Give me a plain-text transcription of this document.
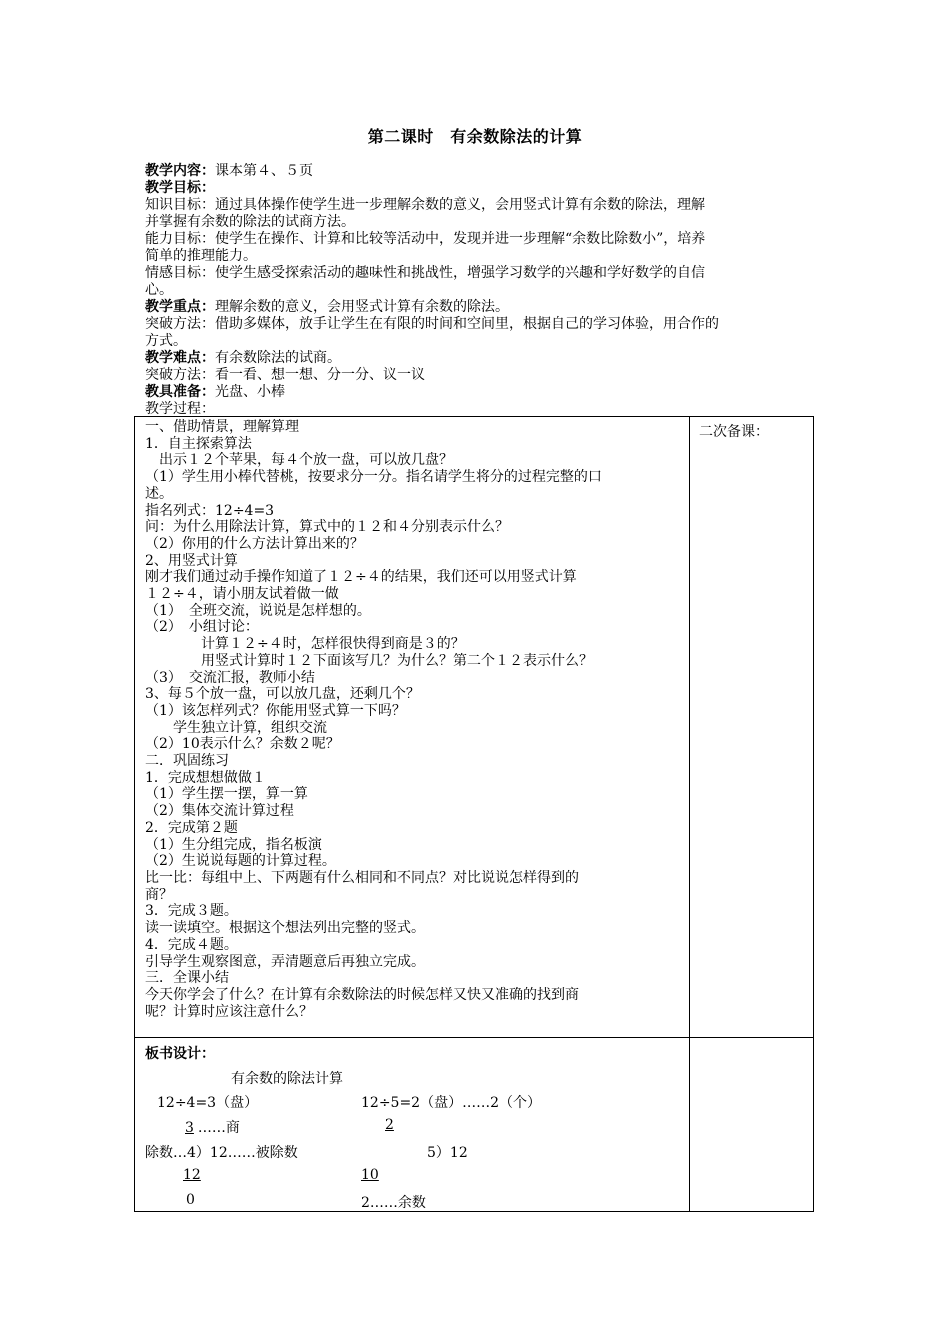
第二课时　有余数除法的计算
教学内容：课本第４、５页
教学目标：
知识目标：通过具体操作使学生进一步理解余数的意义，会用竖式计算有余数的除法，理解
并掌握有余数的除法的试商方法。
能力目标：使学生在操作、计算和比较等活动中，发现并进一步理解“余数比除数小”，培养
简单的推理能力。
情感目标：使学生感受探索活动的趣味性和挑战性，增强学习数学的兴趣和学好数学的自信
心。
教学重点：理解余数的意义，会用竖式计算有余数的除法。
突破方法：借助多媒体，放手让学生在有限的时间和空间里，根据自己的学习体验，用合作的
方式。
教学难点：有余数除法的试商。
突破方法：看一看、想一想、分一分、议一议
教具准备：光盘、小棒
教学过程：
一、借助情景，理解算理
1．自主探索算法
　出示１２个苹果，每４个放一盘，可以放几盘？
（1）学生用小棒代替桃，按要求分一分。指名请学生将分的过程完整的口
述。
指名列式：12÷4=3
问：为什么用除法计算，算式中的１２和４分别表示什么？
（2）你用的什么方法计算出来的？
2、用竖式计算
刚才我们通过动手操作知道了１２÷４的结果，我们还可以用竖式计算
１２÷４，请小朋友试着做一做
（1）　全班交流，说说是怎样想的。
（2）　小组讨论：
　　　　计算１２÷４时，怎样很快得到商是３的？
　　　　用竖式计算时１２下面该写几？为什么？第二个１２表示什么？
（3）　交流汇报，教师小结
3、每５个放一盘，可以放几盘，还剩几个？
（1）该怎样列式？你能用竖式算一下吗？
　　学生独立计算，组织交流
（2）10表示什么？余数２呢？
二．巩固练习
1．完成想想做做１
（1）学生摆一摆，算一算
（2）集体交流计算过程
2．完成第２题
（1）生分组完成，指名板演
（2）生说说每题的计算过程。
比一比：每组中上、下两题有什么相同和不同点？对比说说怎样得到的
商？
3．完成３题。
读一读填空。根据这个想法列出完整的竖式。
4．完成４题。
引导学生观察图意，弄清题意后再独立完成。
三．全课小结
今天你学会了什么？在计算有余数除法的时候怎样又快又准确的找到商
呢？计算时应该注意什么？
二次备课：
板书设计：
有余数的除法计算
12÷4=3（盘）	12÷5=2（盘）……2（个）
3 ……商	2
除数…4）12……被除数	5）12
12	10
0	2……余数
